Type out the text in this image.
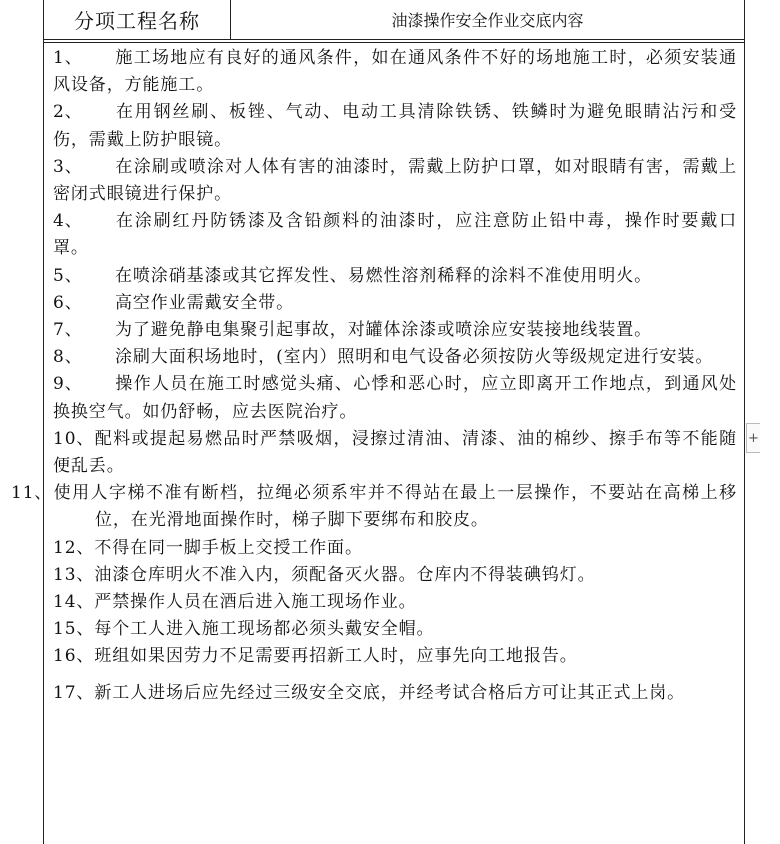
分项工程名称	油漆操作安全作业交底内容
1、 施工场地应有良好的通风条件，如在通风条件不好的场地施工时，必须安装通风设备，方能施工。
2、 在用钢丝刷、板锉、气动、电动工具清除铁锈、铁鳞时为避免眼睛沾污和受伤，需戴上防护眼镜。
3、 在涂刷或喷涂对人体有害的油漆时，需戴上防护口罩，如对眼睛有害，需戴上密闭式眼镜进行保护。
4、 在涂刷红丹防锈漆及含铅颜料的油漆时，应注意防止铅中毒，操作时要戴口罩。
5、 在喷涂硝基漆或其它挥发性、易燃性溶剂稀释的涂料不准使用明火。
6、 高空作业需戴安全带。
7、 为了避免静电集聚引起事故，对罐体涂漆或喷涂应安装接地线装置。
8、 涂刷大面积场地时，(室内）照明和电气设备必须按防火等级规定进行安装。
9、 操作人员在施工时感觉头痛、心悸和恶心时，应立即离开工作地点，到通风处换换空气。如仍舒畅，应去医院治疗。
10、配料或提起易燃品时严禁吸烟，浸擦过清油、清漆、油的棉纱、擦手布等不能随便乱丢。
11、使用人字梯不准有断档，拉绳必须系牢并不得站在最上一层操作，不要站在高梯上移位，在光滑地面操作时，梯子脚下要绑布和胶皮。
12、不得在同一脚手板上交授工作面。
13、油漆仓库明火不准入内，须配备灭火器。仓库内不得装碘钨灯。
14、严禁操作人员在酒后进入施工现场作业。
15、每个工人进入施工现场都必须头戴安全帽。
16、班组如果因劳力不足需要再招新工人时，应事先向工地报告。
17、新工人进场后应先经过三级安全交底，并经考试合格后方可让其正式上岗。
+
